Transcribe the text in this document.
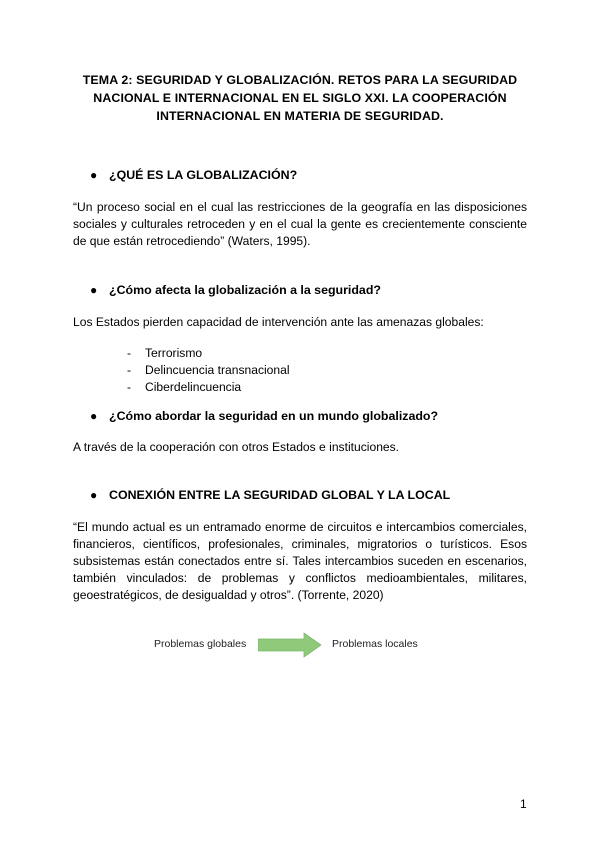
TEMA 2: SEGURIDAD Y GLOBALIZACIÓN. RETOS PARA LA SEGURIDAD NACIONAL E INTERNACIONAL EN EL SIGLO XXI. LA COOPERACIÓN INTERNACIONAL EN MATERIA DE SEGURIDAD.
● ¿QUÉ ES LA GLOBALIZACIÓN?
“Un proceso social en el cual las restricciones de la geografía en las disposiciones sociales y culturales retroceden y en el cual la gente es crecientemente consciente de que están retrocediendo” (Waters, 1995).
● ¿Cómo afecta la globalización a la seguridad?
Los Estados pierden capacidad de intervención ante las amenazas globales:
- Terrorismo
- Delincuencia transnacional
- Ciberdelincuencia
● ¿Cómo abordar la seguridad en un mundo globalizado?
A través de la cooperación con otros Estados e instituciones.
● CONEXIÓN ENTRE LA SEGURIDAD GLOBAL Y LA LOCAL
“El mundo actual es un entramado enorme de circuitos e intercambios comerciales, financieros, científicos, profesionales, criminales, migratorios o turísticos. Esos subsistemas están conectados entre sí. Tales intercambios suceden en escenarios, también vinculados: de problemas y conflictos medioambientales, militares, geoestratégicos, de desigualdad y otros”. (Torrente, 2020)
Problemas globales	Problemas locales
1
